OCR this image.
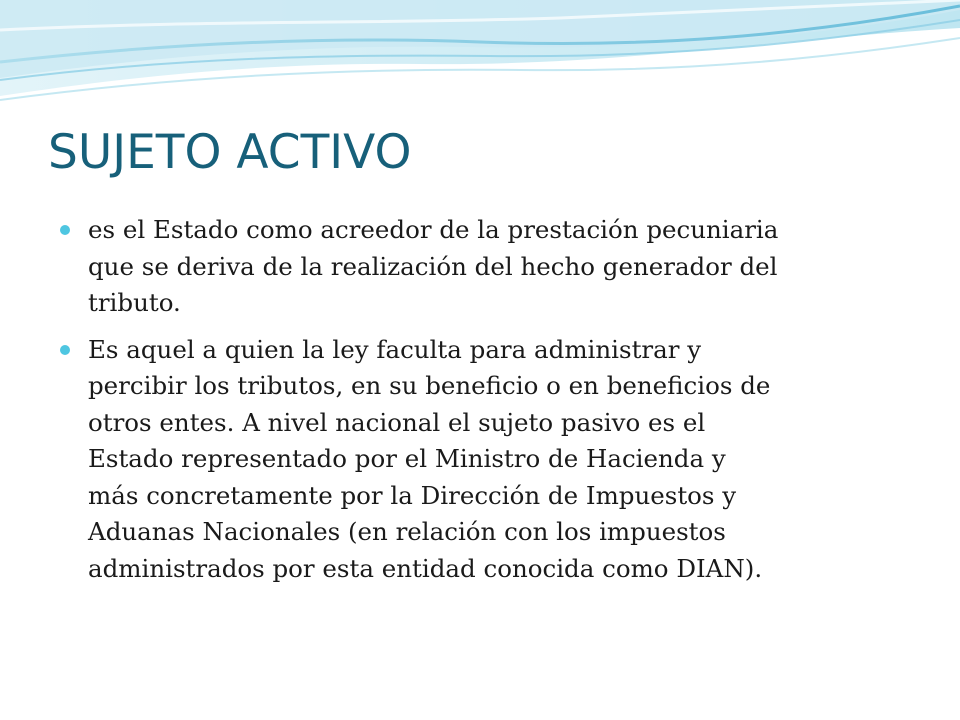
SUJETO ACTIVO
es el Estado como acreedor de la prestación pecuniaria
que se deriva de la realización del hecho generador del
tributo.
Es aquel a quien la ley faculta para administrar y
percibir los tributos, en su beneficio o en beneficios de
otros entes. A nivel nacional el sujeto pasivo es el
Estado representado por el Ministro de Hacienda y
más concretamente por la Dirección de Impuestos y
Aduanas Nacionales (en relación con los impuestos
administrados por esta entidad conocida como DIAN).
